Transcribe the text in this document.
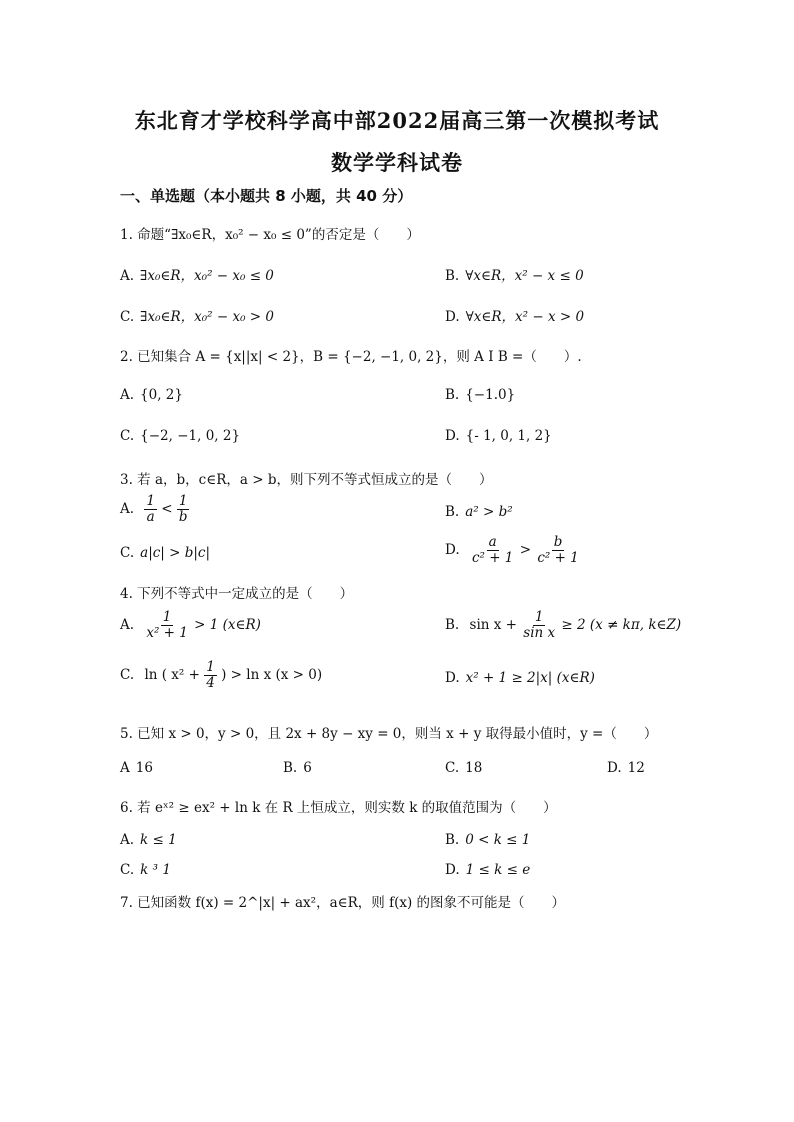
东北育才学校科学高中部2022届高三第一次模拟考试
数学学科试卷
一、单选题（本小题共 8 小题，共 40 分）
1. 命题“∃x₀∈R，x₀² − x₀ ≤ 0”的否定是（　　）
A. ∃x₀∈R，x₀² − x₀ ≤ 0	B. ∀x∈R，x² − x ≤ 0
C. ∃x₀∈R，x₀² − x₀ > 0	D. ∀x∈R，x² − x > 0
2. 已知集合 A = {x||x| < 2}，B = {−2, −1, 0, 2}，则 A I B =（　　）.
A. {0, 2}	B. {−1.0}
C. {−2, −1, 0, 2}	D. {- 1, 0, 1, 2}
3. 若 a，b，c∈R，a > b，则下列不等式恒成立的是（　　）
A. $\frac{1}{a} < \frac{1}{b}$	B. a² > b²
C. a|c| > b|c|	D. $\frac{a}{\text{c² + 1}} > \frac{b}{\text{c² + 1}}$
4. 下列不等式中一定成立的是（　　）
A. $\frac{1}{\text{x² + 1}} > 1$ (x∈R)	B. $\sin x + \frac{1}{\text{sin x}} \ge 2$ (x ≠ kπ, k∈Z)
C. ln ( $x^2 + \frac{1}{4}$ ) > ln x (x > 0)	D. x² + 1 ≥ 2|x| (x∈R)
5. 已知 x > 0，y > 0，且 2x + 8y − xy = 0，则当 x + y 取得最小值时，y =（　　）
A 16	B. 6	C. 18	D. 12
6. 若 eˣ² ≥ ex² + ln k 在 R 上恒成立，则实数 k 的取值范围为（　　）
A. k ≤ 1	B. 0 < k ≤ 1
C. k ³ 1	D. 1 ≤ k ≤ e
7. 已知函数 f(x) = 2^|x| + ax²，a∈R，则 f(x) 的图象不可能是（　　）
